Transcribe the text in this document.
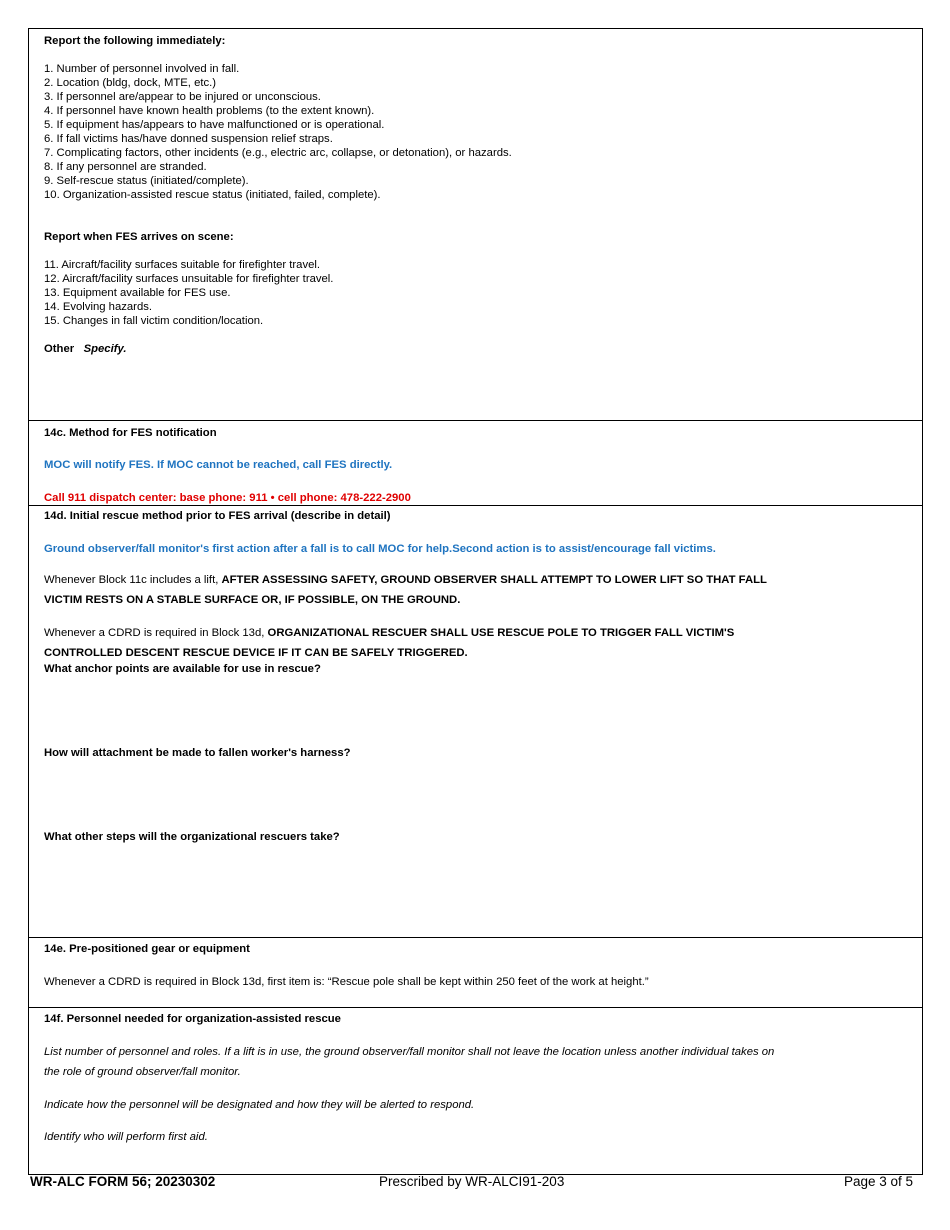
Report the following immediately:
1. Number of personnel involved in fall.
2. Location (bldg, dock, MTE, etc.)
3. If personnel are/appear to be injured or unconscious.
4. If personnel have known health problems (to the extent known).
5. If equipment has/appears to have malfunctioned or is operational.
6. If fall victims has/have donned suspension relief straps.
7. Complicating factors, other incidents (e.g., electric arc, collapse, or detonation), or hazards.
8. If any personnel are stranded.
9. Self-rescue status (initiated/complete).
10. Organization-assisted rescue status (initiated, failed, complete).
Report when FES arrives on scene:
11. Aircraft/facility surfaces suitable for firefighter travel.
12. Aircraft/facility surfaces unsuitable for firefighter travel.
13. Equipment available for FES use.
14. Evolving hazards.
15. Changes in fall victim condition/location.
Other Specify.
14c. Method for FES notification
MOC will notify FES. If MOC cannot be reached, call FES directly.
Call 911 dispatch center: base phone: 911 • cell phone: 478-222-2900
14d. Initial rescue method prior to FES arrival (describe in detail)
Ground observer/fall monitor's first action after a fall is to call MOC for help.Second action is to assist/encourage fall victims.
Whenever Block 11c includes a lift, AFTER ASSESSING SAFETY, GROUND OBSERVER SHALL ATTEMPT TO LOWER LIFT SO THAT FALL
VICTIM RESTS ON A STABLE SURFACE OR, IF POSSIBLE, ON THE GROUND.
Whenever a CDRD is required in Block 13d, ORGANIZATIONAL RESCUER SHALL USE RESCUE POLE TO TRIGGER FALL VICTIM'S
CONTROLLED DESCENT RESCUE DEVICE IF IT CAN BE SAFELY TRIGGERED.
What anchor points are available for use in rescue?
How will attachment be made to fallen worker's harness?
What other steps will the organizational rescuers take?
14e. Pre-positioned gear or equipment
Whenever a CDRD is required in Block 13d, first item is: “Rescue pole shall be kept within 250 feet of the work at height.”
14f. Personnel needed for organization-assisted rescue
List number of personnel and roles. If a lift is in use, the ground observer/fall monitor shall not leave the location unless another individual takes on
the role of ground observer/fall monitor.
Indicate how the personnel will be designated and how they will be alerted to respond.
Identify who will perform first aid.
WR-ALC FORM 56; 20230302	Prescribed by WR-ALCI91-203	Page 3 of 5
